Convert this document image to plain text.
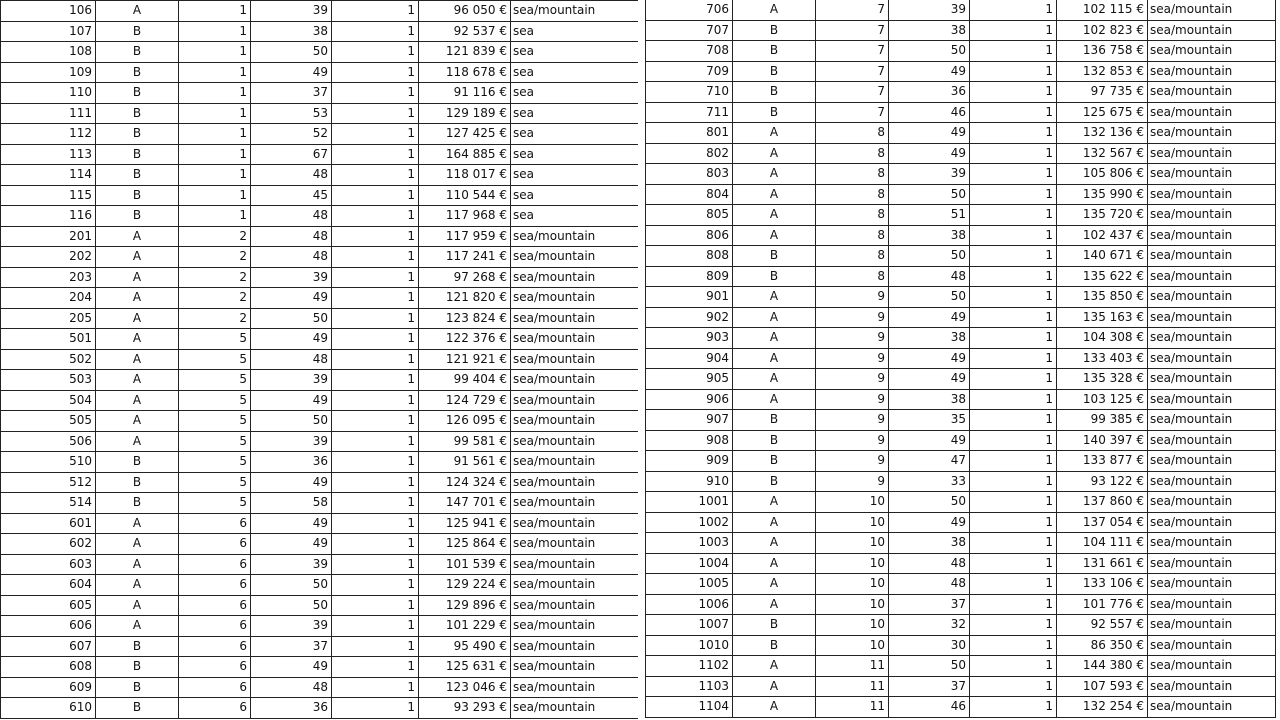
106	A	1	39	1	96 050 €	sea/mountain
107	B	1	38	1	92 537 €	sea
108	B	1	50	1	121 839 €	sea
109	B	1	49	1	118 678 €	sea
110	B	1	37	1	91 116 €	sea
111	B	1	53	1	129 189 €	sea
112	B	1	52	1	127 425 €	sea
113	B	1	67	1	164 885 €	sea
114	B	1	48	1	118 017 €	sea
115	B	1	45	1	110 544 €	sea
116	B	1	48	1	117 968 €	sea
201	A	2	48	1	117 959 €	sea/mountain
202	A	2	48	1	117 241 €	sea/mountain
203	A	2	39	1	97 268 €	sea/mountain
204	A	2	49	1	121 820 €	sea/mountain
205	A	2	50	1	123 824 €	sea/mountain
501	A	5	49	1	122 376 €	sea/mountain
502	A	5	48	1	121 921 €	sea/mountain
503	A	5	39	1	99 404 €	sea/mountain
504	A	5	49	1	124 729 €	sea/mountain
505	A	5	50	1	126 095 €	sea/mountain
506	A	5	39	1	99 581 €	sea/mountain
510	B	5	36	1	91 561 €	sea/mountain
512	B	5	49	1	124 324 €	sea/mountain
514	B	5	58	1	147 701 €	sea/mountain
601	A	6	49	1	125 941 €	sea/mountain
602	A	6	49	1	125 864 €	sea/mountain
603	A	6	39	1	101 539 €	sea/mountain
604	A	6	50	1	129 224 €	sea/mountain
605	A	6	50	1	129 896 €	sea/mountain
606	A	6	39	1	101 229 €	sea/mountain
607	B	6	37	1	95 490 €	sea/mountain
608	B	6	49	1	125 631 €	sea/mountain
609	B	6	48	1	123 046 €	sea/mountain
610	B	6	36	1	93 293 €	sea/mountain
706	A	7	39	1	102 115 €	sea/mountain
707	B	7	38	1	102 823 €	sea/mountain
708	B	7	50	1	136 758 €	sea/mountain
709	B	7	49	1	132 853 €	sea/mountain
710	B	7	36	1	97 735 €	sea/mountain
711	B	7	46	1	125 675 €	sea/mountain
801	A	8	49	1	132 136 €	sea/mountain
802	A	8	49	1	132 567 €	sea/mountain
803	A	8	39	1	105 806 €	sea/mountain
804	A	8	50	1	135 990 €	sea/mountain
805	A	8	51	1	135 720 €	sea/mountain
806	A	8	38	1	102 437 €	sea/mountain
808	B	8	50	1	140 671 €	sea/mountain
809	B	8	48	1	135 622 €	sea/mountain
901	A	9	50	1	135 850 €	sea/mountain
902	A	9	49	1	135 163 €	sea/mountain
903	A	9	38	1	104 308 €	sea/mountain
904	A	9	49	1	133 403 €	sea/mountain
905	A	9	49	1	135 328 €	sea/mountain
906	A	9	38	1	103 125 €	sea/mountain
907	B	9	35	1	99 385 €	sea/mountain
908	B	9	49	1	140 397 €	sea/mountain
909	B	9	47	1	133 877 €	sea/mountain
910	B	9	33	1	93 122 €	sea/mountain
1001	A	10	50	1	137 860 €	sea/mountain
1002	A	10	49	1	137 054 €	sea/mountain
1003	A	10	38	1	104 111 €	sea/mountain
1004	A	10	48	1	131 661 €	sea/mountain
1005	A	10	48	1	133 106 €	sea/mountain
1006	A	10	37	1	101 776 €	sea/mountain
1007	B	10	32	1	92 557 €	sea/mountain
1010	B	10	30	1	86 350 €	sea/mountain
1102	A	11	50	1	144 380 €	sea/mountain
1103	A	11	37	1	107 593 €	sea/mountain
1104	A	11	46	1	132 254 €	sea/mountain
